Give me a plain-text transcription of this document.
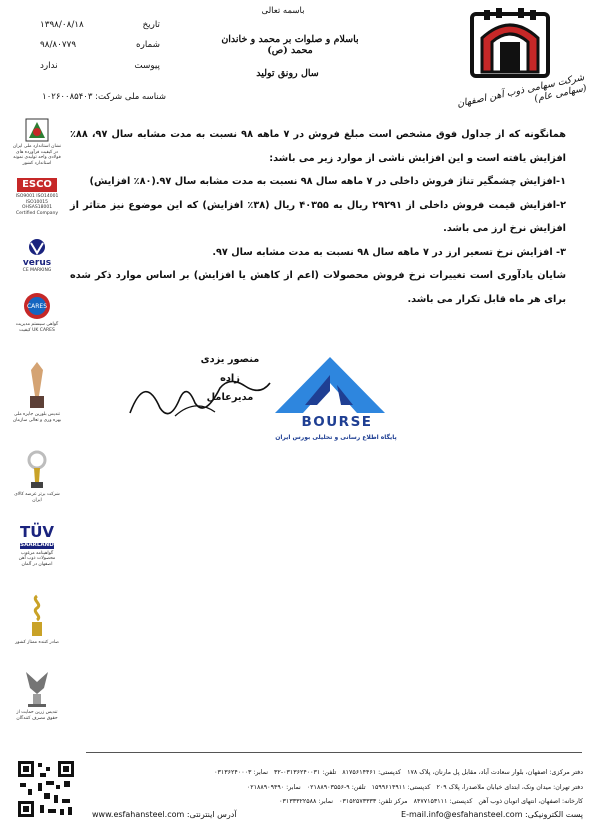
شرکت سهامی ذوب آهن اصفهان (سهامی عام)
باسمه تعالی
باسلام و صلوات بر محمد و خاندان محمد (ص)
سال رونق تولید
تاریخ
۱۳۹۸/۰۸/۱۸
شماره
۹۸/۸۰۷۷۹
پیوست
ندارد
شناسه ملی شرکت: ۱۰۲۶۰۰۸۵۴۰۳
نشان استاندارد ملی ایران در کیفیت فرآورده های فولادی واحد تولیدی نمونه استاندارد کشور
ESCO
ISO9001 ISO14001 ISO10015 OHSAS18001 Certified Company
verus
CE MARKING
CARES
گواهی سیستم مدیریت کیفیت UK CARES
تندیس بلورین جایزه ملی بهره وری و تعالی سازمان
شرکت برتر عرضه کالای ایران
TÜV
SAARLAND
گواهینامه مرغوب محصولات ذوب آهن اصفهان در آلمان
صادر کننده ممتاز کشور
تندیس زرین حمایت از حقوق مصرف کنندگان

همانگونه که از جداول فوق مشخص است مبلغ فروش در ۷ ماهه ۹۸ نسبت به مدت مشابه سال ۹۷، ۸۸٪ افزایش یافته است و این افزایش ناشی از موارد زیر می باشد:

۱-افزایش چشمگیر تناژ فروش داخلی در ۷ ماهه سال ۹۸ نسبت به مدت مشابه سال ۹۷.(۸۰٪ افزایش)

۲-افزایش قیمت فروش داخلی از ۲۹۲۹۱ ریال به ۴۰۳۵۵ ریال (۳۸٪ افزایش) که این موضوع نیز متاثر از افزایش نرخ ارز می باشد.

۳- افزایش نرخ تسعیر ارز در ۷ ماهه سال ۹۸ نسبت به مدت مشابه سال ۹۷.

شایان یادآوری است تغییرات نرخ فروش محصولات (اعم از کاهش یا افزایش) بر اساس موارد ذکر شده برای هر ماه قابل تکرار می باشد.

منصور یزدی زاده
مدیرعامل
BOURSE
پایگاه اطلاع رسانی و تحلیلی بورس ایران
دفتر مرکزی: اصفهان، بلوار سعادت آباد، مقابل پل مارنان، پلاک ۱۷۸   کدپستی: ۸۱۷۵۶۱۴۴۶۱   تلفن: ۰۳۱۳۶۲۴۰۰۳۱-۳۲   نمابر: ۰۳۱۳۶۲۴۰۰۰۳
دفتر تهران: میدان ونک، ابتدای خیابان ملاصدرا، پلاک ۲۰۹   کدپستی: ۱۵۹۹۶۱۴۹۱۱   تلفن: ۹-۰۲۱۸۸۹۰۳۵۵۶   نمابر: ۰۲۱۸۸۹۰۹۴۹۰
کارخانه: اصفهان، انتهای اتوبان ذوب آهن   کدپستی: ۸۴۷۷۱۵۳۱۱۱   مرکز تلفن: ۰۳۱۵۲۵۷۳۳۳۳   نمابر: ۰۳۱۳۳۳۲۲۵۸۸
پست الکترونیکی: E-mail.info@esfahansteel.com
آدرس اینترنتی: www.esfahansteel.com
